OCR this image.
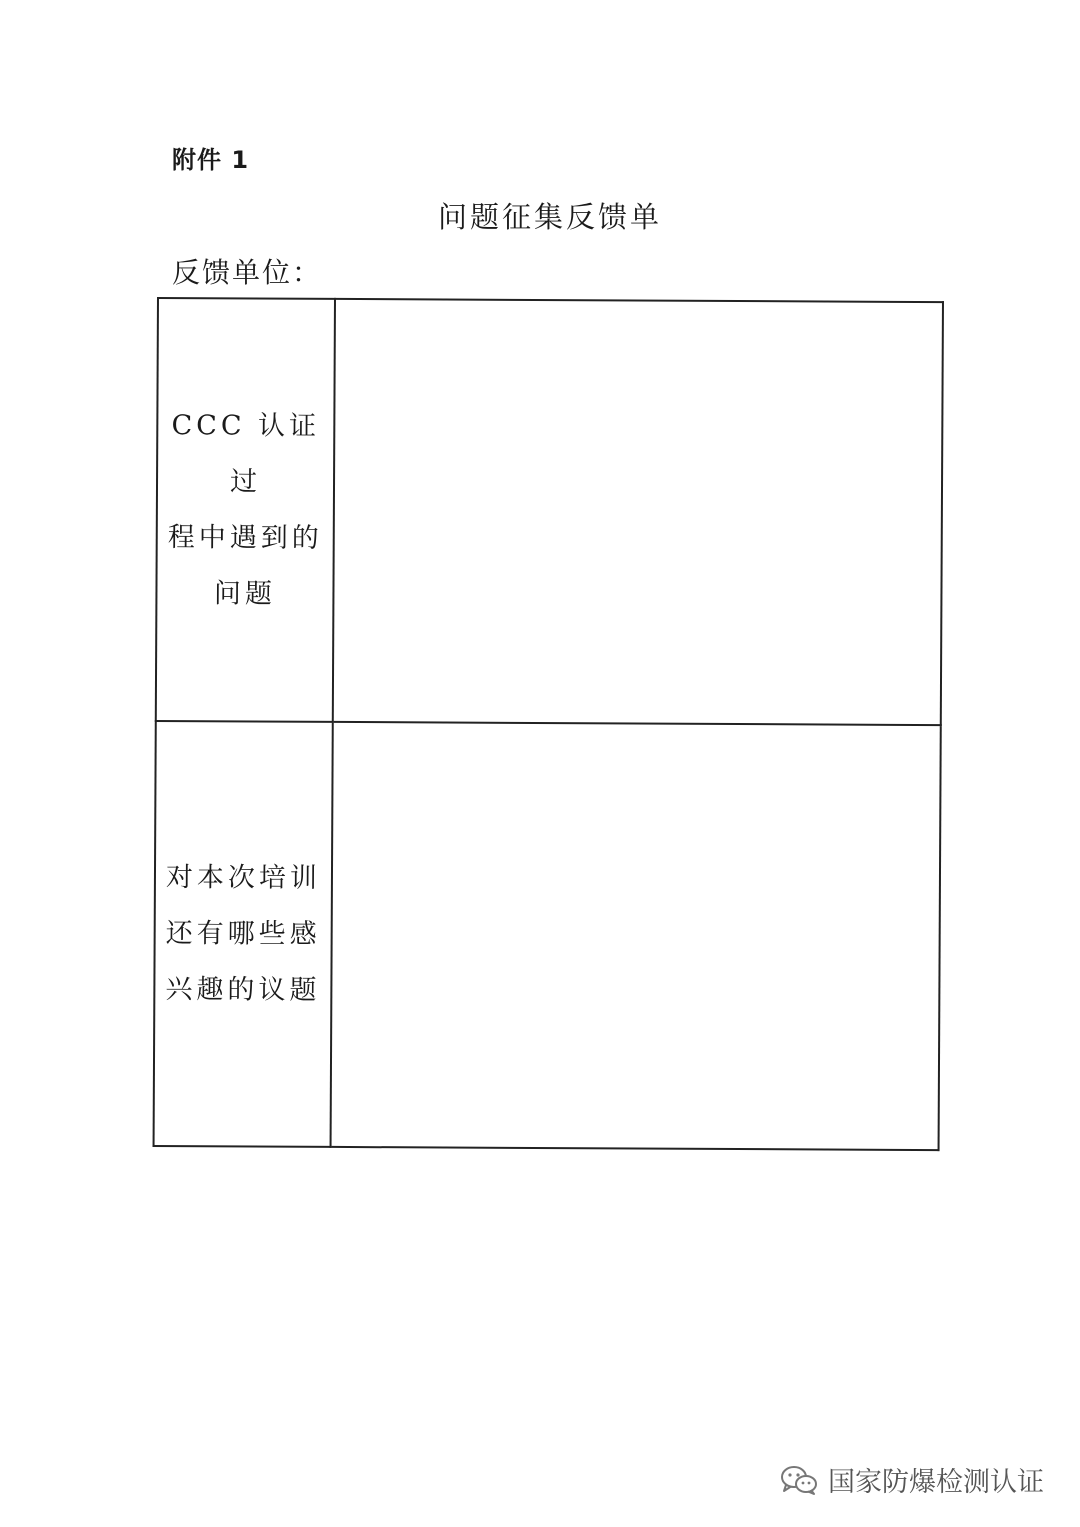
附件 1
问题征集反馈单
反馈单位：
CCC 认证过
程中遇到的
问题	

对本次培训
还有哪些感
兴趣的议题	

国家防爆检测认证
